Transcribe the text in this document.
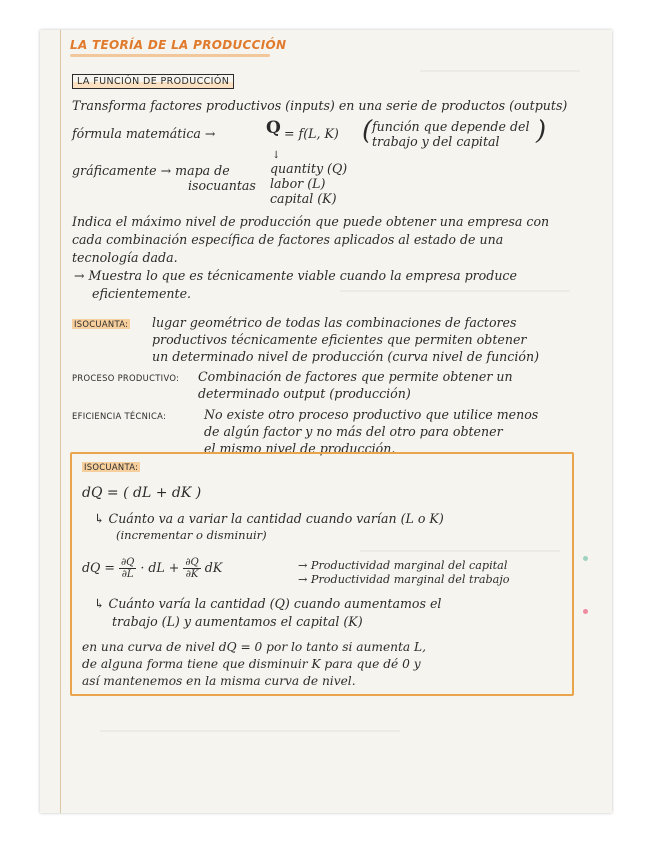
LA TEORÍA DE LA PRODUCCIÓN

LA FUNCIÓN DE PRODUCCIÓN

Transforma factores productivos (inputs) en una serie de productos (outputs)

fórmula matemática →	Q = f(L, K) ( función que depende del

trabajo y del capital )

gráficamente → mapa de

isocuantas

↓

quantity (Q)

labor (L)

capital (K)

Indica el máximo nivel de producción que puede obtener una empresa con

cada combinación específica de factores aplicados al estado de una

tecnología dada.

→ Muestra lo que es técnicamente viable cuando la empresa produce

eficientemente.

ISOCUANTA: lugar geométrico de todas las combinaciones de factores

productivos técnicamente eficientes que permiten obtener

un determinado nivel de producción (curva nivel de función)

PROCESO PRODUCTIVO: Combinación de factores que permite obtener un

determinado output (producción)

EFICIENCIA TÉCNICA:	No existe otro proceso productivo que utilice menos

de algún factor y no más del otro para obtener

el mismo nivel de producción.

ISOCUANTA:

dQ = ( dL + dK )

↳ Cuánto va a variar la cantidad cuando varían (L o K)

(incrementar o disminuir)

dQ = $\frac{\partial Q}{\partial L}$ · dL + $\frac{\partial Q}{\partial K}$ dK	→ Productividad marginal del capital

→ Productividad marginal del trabajo

↳ Cuánto varía la cantidad (Q) cuando aumentamos el

trabajo (L) y aumentamos el capital (K)

en una curva de nivel dQ = 0 por lo tanto si aumenta L,

de alguna forma tiene que disminuir K para que dé 0 y

así mantenemos en la misma curva de nivel.
